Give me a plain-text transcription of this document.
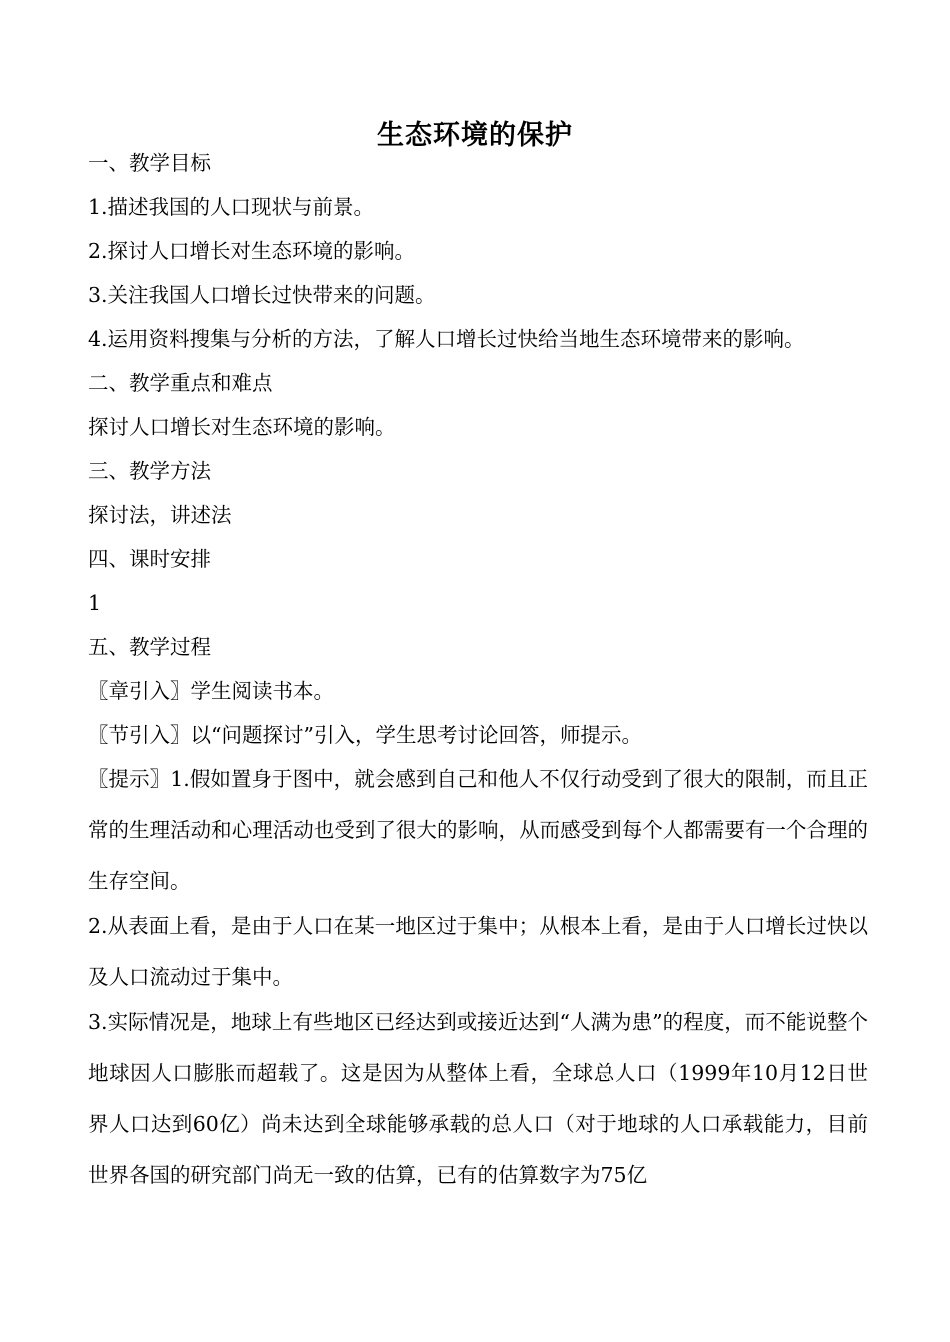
生态环境的保护
一、教学目标
1.描述我国的人口现状与前景。
2.探讨人口增长对生态环境的影响。
3.关注我国人口增长过快带来的问题。
4.运用资料搜集与分析的方法，了解人口增长过快给当地生态环境带来的影响。
二、教学重点和难点
探讨人口增长对生态环境的影响。
三、教学方法
探讨法，讲述法
四、课时安排
1
五、教学过程
〖章引入〗学生阅读书本。
〖节引入〗以“问题探讨”引入，学生思考讨论回答，师提示。
〖提示〗1.假如置身于图中，就会感到自己和他人不仅行动受到了很大的限制，而且正常的生理活动和心理活动也受到了很大的影响，从而感受到每个人都需要有一个合理的生存空间。
2.从表面上看，是由于人口在某一地区过于集中；从根本上看，是由于人口增长过快以及人口流动过于集中。
3.实际情况是，地球上有些地区已经达到或接近达到“人满为患”的程度，而不能说整个地球因人口膨胀而超载了。这是因为从整体上看，全球总人口（1999年10月12日世界人口达到60亿）尚未达到全球能够承载的总人口（对于地球的人口承载能力，目前世界各国的研究部门尚无一致的估算，已有的估算数字为75亿
